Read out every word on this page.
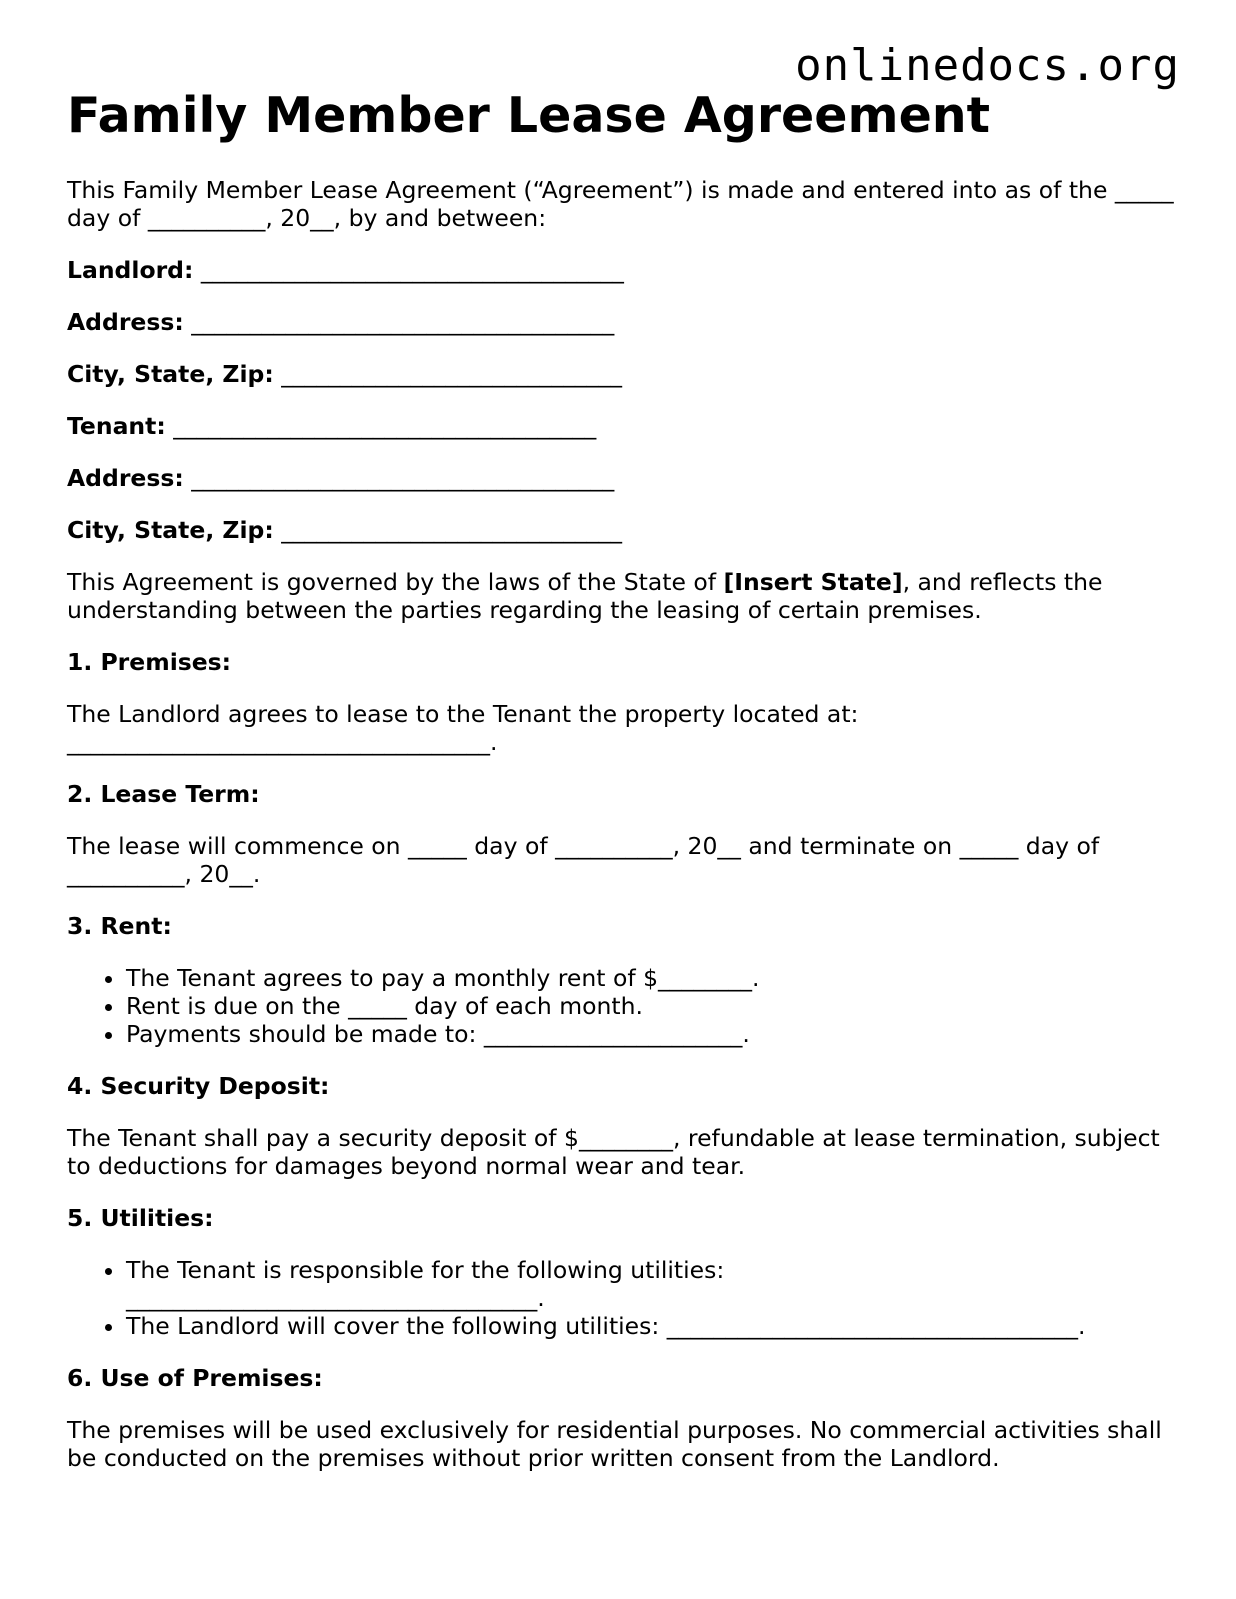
onlinedocs.org
Family Member Lease Agreement

This Family Member Lease Agreement (“Agreement”) is made and entered into as of the _____ day of __________, 20__, by and between:

Landlord: ____________________________________
Address: ____________________________________
City, State, Zip: _____________________________
Tenant: ____________________________________
Address: ____________________________________
City, State, Zip: _____________________________

This Agreement is governed by the laws of the State of [Insert State], and reflects the understanding between the parties regarding the leasing of certain premises.

1. Premises:

The Landlord agrees to lease to the Tenant the property located at: ____________________________________.

2. Lease Term:

The lease will commence on _____ day of __________, 20__ and terminate on _____ day of __________, 20__.

3. Rent:
• The Tenant agrees to pay a monthly rent of $________.
• Rent is due on the _____ day of each month.
• Payments should be made to: ______________________.
4. Security Deposit:

The Tenant shall pay a security deposit of $________, refundable at lease termination, subject to deductions for damages beyond normal wear and tear.

5. Utilities:
• The Tenant is responsible for the following utilities: ___________________________________.
• The Landlord will cover the following utilities: ___________________________________.
6. Use of Premises:

The premises will be used exclusively for residential purposes. No commercial activities shall be conducted on the premises without prior written consent from the Landlord.
